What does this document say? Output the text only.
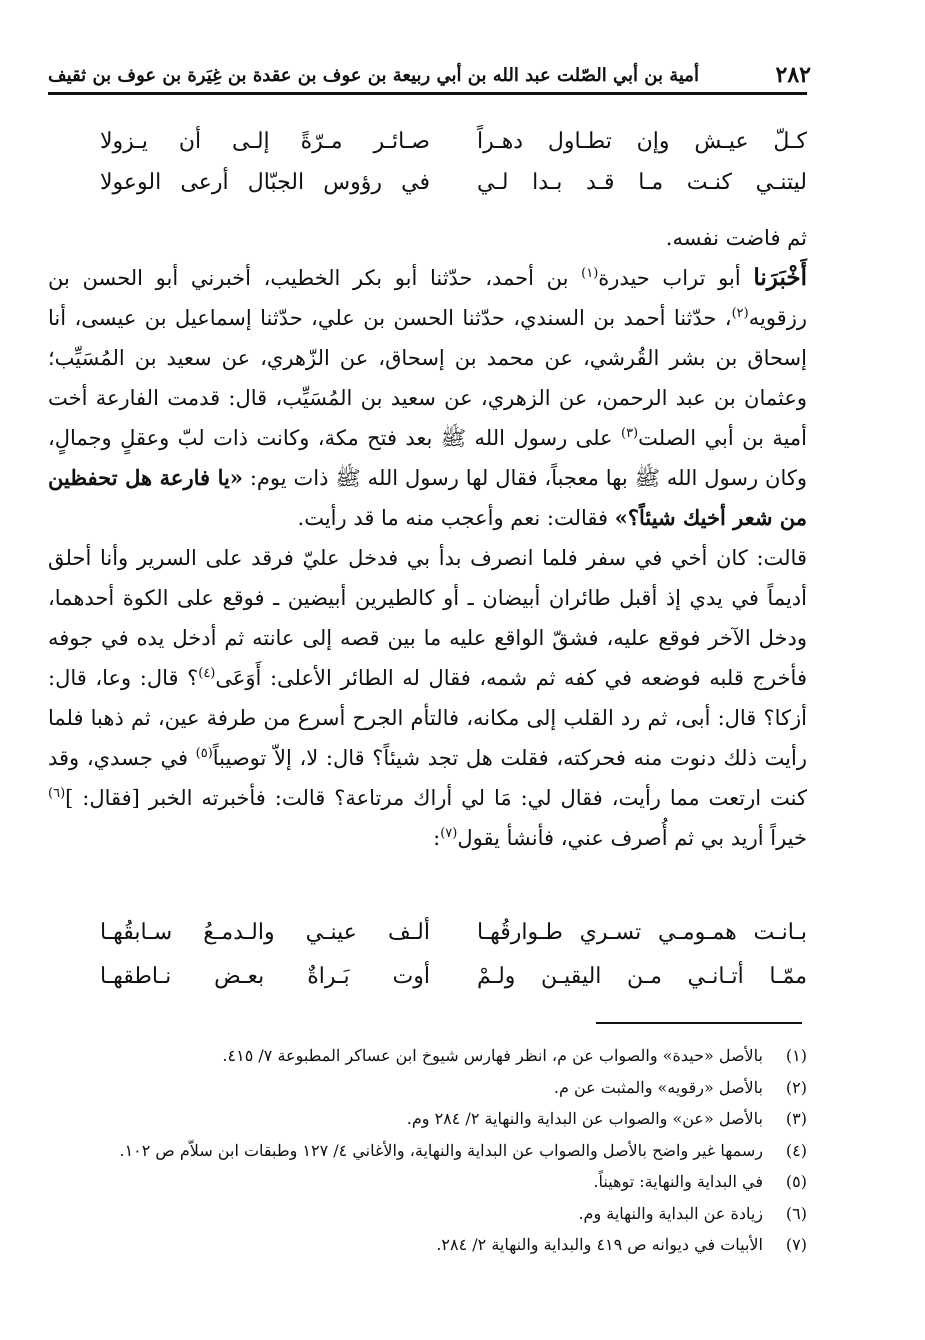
٢٨٢
أمية بن أبي الصّلت عبد الله بن أبي ربيعة بن عوف بن عقدة بن غِيَرة بن عوف بن ثقيف
كـلّ عيـش وإن تطـاول دهـراً
صـائـر مـرّةً إلـى أن يـزولا
ليتنـي كنـت مـا قـد بـدا لـي
في رؤوس الجبّال أرعى الوعولا

ثم فاضت نفسه.

أَخْبَرَنا أبو تراب حيدرة$^{(١)}$ بن أحمد، حدّثنا أبو بكر الخطيب، أخبرني أبو الحسن بن رزقويه$^{(٢)}$، حدّثنا أحمد بن السندي، حدّثنا الحسن بن علي، حدّثنا إسماعيل بن عيسى، أنا إسحاق بن بشر القُرشي، عن محمد بن إسحاق، عن الزّهري، عن سعيد بن المُسَيِّب؛ وعثمان بن عبد الرحمن، عن الزهري، عن سعيد بن المُسَيِّب، قال: قدمت الفارعة أخت أمية بن أبي الصلت$^{(٣)}$ على رسول الله ﷺ بعد فتح مكة، وكانت ذات لبّ وعقلٍ وجمالٍ، وكان رسول الله ﷺ بها معجباً، فقال لها رسول الله ﷺ ذات يوم: «يا فارعة هل تحفظين من شعر أخيك شيئاً؟» فقالت: نعم وأعجب منه ما قد رأيت.

قالت: كان أخي في سفر فلما انصرف بدأ بي فدخل عليّ فرقد على السرير وأنا أحلق أديماً في يدي إذ أقبل طائران أبيضان ـ أو كالطيرين أبيضين ـ فوقع على الكوة أحدهما، ودخل الآخر فوقع عليه، فشقّ الواقع عليه ما بين قصه إلى عانته ثم أدخل يده في جوفه فأخرج قلبه فوضعه في كفه ثم شمه، فقال له الطائر الأعلى: أَوَعَى$^{(٤)}$؟ قال: وعا، قال: أزكا؟ قال: أبى، ثم رد القلب إلى مكانه، فالتأم الجرح أسرع من طرفة عين، ثم ذهبا فلما رأيت ذلك دنوت منه فحركته، فقلت هل تجد شيئاً؟ قال: لا، إلاّ توصيباً$^{(٥)}$ في جسدي، وقد كنت ارتعت مما رأيت، فقال لي: مَا لي أراك مرتاعة؟ قالت: فأخبرته الخبر [فقال: ]$^{(٦)}$ خيراً أريد بي ثم أُصرف عني، فأنشأ يقول$^{(٧)}$:

بـانـت همـومـي تسـري طـوارقُهـا
ألـف عينـي والـدمـعُ سـابقُهـا
ممّـا أتـانـي مـن اليقيـن ولـمْ
أوت بَـراةٌ بعـض نـاطقهـا
(١)
بالأصل «حيدة» والصواب عن م، انظر فهارس شيوخ ابن عساكر المطبوعة ٧/ ٤١٥.
(٢)
بالأصل «رقويه» والمثبت عن م.
(٣)
بالأصل «عن» والصواب عن البداية والنهاية ٢/ ٢٨٤ وم.
(٤)
رسمها غير واضح بالأصل والصواب عن البداية والنهاية، والأغاني ٤/ ١٢٧ وطبقات ابن سلاّم ص ١٠٢.
(٥)
في البداية والنهاية: توهيناً.
(٦)
زيادة عن البداية والنهاية وم.
(٧)
الأبيات في ديوانه ص ٤١٩ والبداية والنهاية ٢/ ٢٨٤.
